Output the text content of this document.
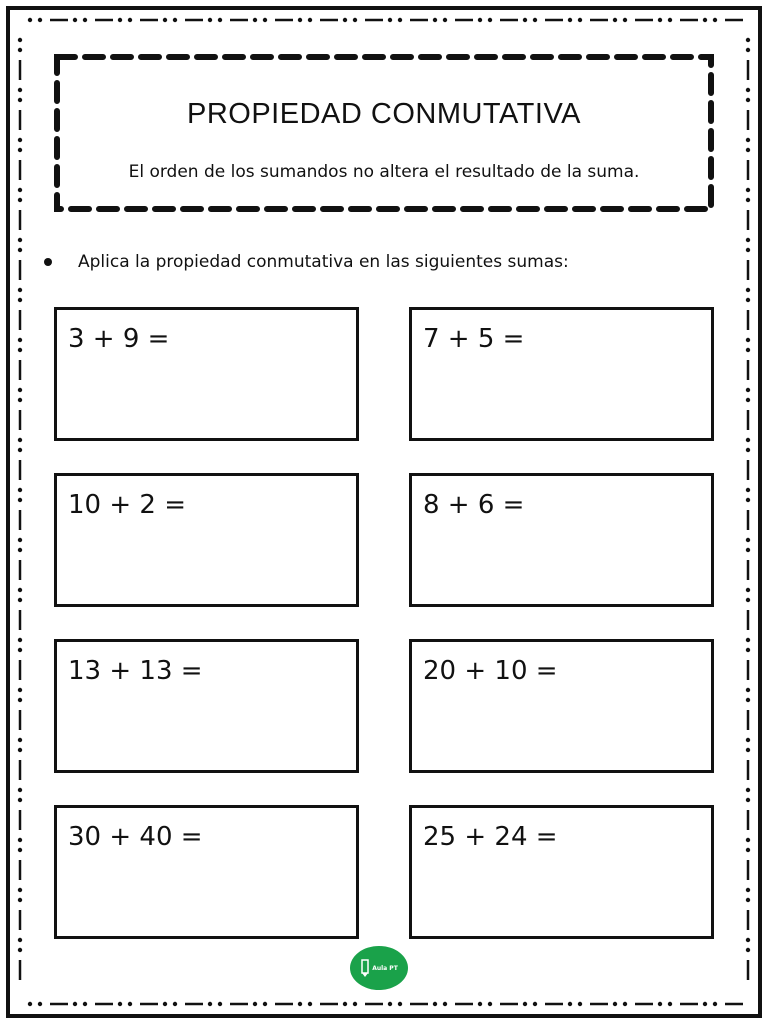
PROPIEDAD CONMUTATIVA
El orden de los sumandos no altera el resultado de la suma.
Aplica la propiedad conmutativa en las siguientes sumas:
3 + 9 =	7 + 5 =
10 + 2 =	8 + 6 =
13 + 13 =	20 + 10 =
30 + 40 =	25 + 24 =
Aula PT
